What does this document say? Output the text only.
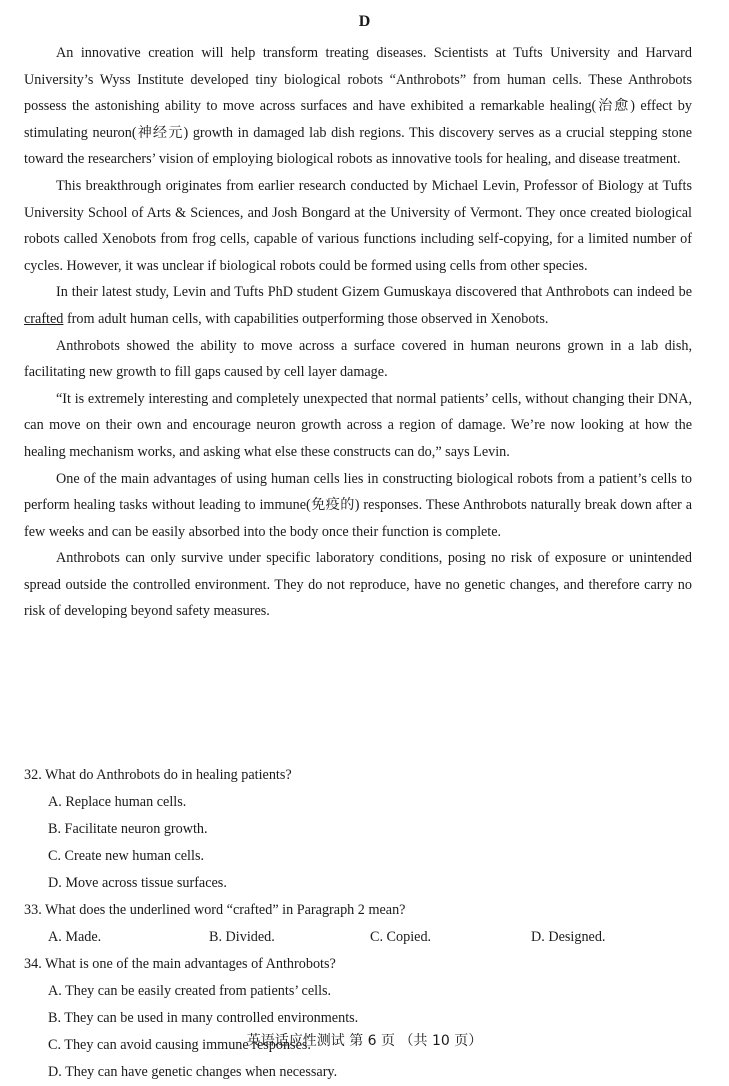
D

An innovative creation will help transform treating diseases. Scientists at Tufts University and Harvard University’s Wyss Institute developed tiny biological robots “Anthrobots” from human cells. These Anthrobots possess the astonishing ability to move across surfaces and have exhibited a remarkable healing(治愈) effect by stimulating neuron(神经元) growth in damaged lab dish regions. This discovery serves as a crucial stepping stone toward the researchers’ vision of employing biological robots as innovative tools for healing, and disease treatment.

This breakthrough originates from earlier research conducted by Michael Levin, Professor of Biology at Tufts University School of Arts & Sciences, and Josh Bongard at the University of Vermont. They once created biological robots called Xenobots from frog cells, capable of various functions including self-copying, for a limited number of cycles. However, it was unclear if biological robots could be formed using cells from other species.

In their latest study, Levin and Tufts PhD student Gizem Gumuskaya discovered that Anthrobots can indeed be crafted from adult human cells, with capabilities outperforming those observed in Xenobots.

Anthrobots showed the ability to move across a surface covered in human neurons grown in a lab dish, facilitating new growth to fill gaps caused by cell layer damage.

“It is extremely interesting and completely unexpected that normal patients’ cells, without changing their DNA, can move on their own and encourage neuron growth across a region of damage. We’re now looking at how the healing mechanism works, and asking what else these constructs can do,” says Levin.

One of the main advantages of using human cells lies in constructing biological robots from a patient’s cells to perform healing tasks without leading to immune(免疫的) responses. These Anthrobots naturally break down after a few weeks and can be easily absorbed into the body once their function is complete.

Anthrobots can only survive under specific laboratory conditions, posing no risk of exposure or unintended spread outside the controlled environment. They do not reproduce, have no genetic changes, and therefore carry no risk of developing beyond safety measures.

32. What do Anthrobots do in healing patients?

A. Replace human cells.
B. Facilitate neuron growth.
C. Create new human cells.
D. Move across tissue surfaces.

33. What does the underlined word “crafted” in Paragraph 2 mean?

A. Made.	B. Divided.	C. Copied.	D. Designed.

34. What is one of the main advantages of Anthrobots?

A. They can be easily created from patients’ cells.
B. They can be used in many controlled environments.
C. They can avoid causing immune responses.
D. They can have genetic changes when necessary.
英语适应性测试 第 6 页 （共 10 页）
